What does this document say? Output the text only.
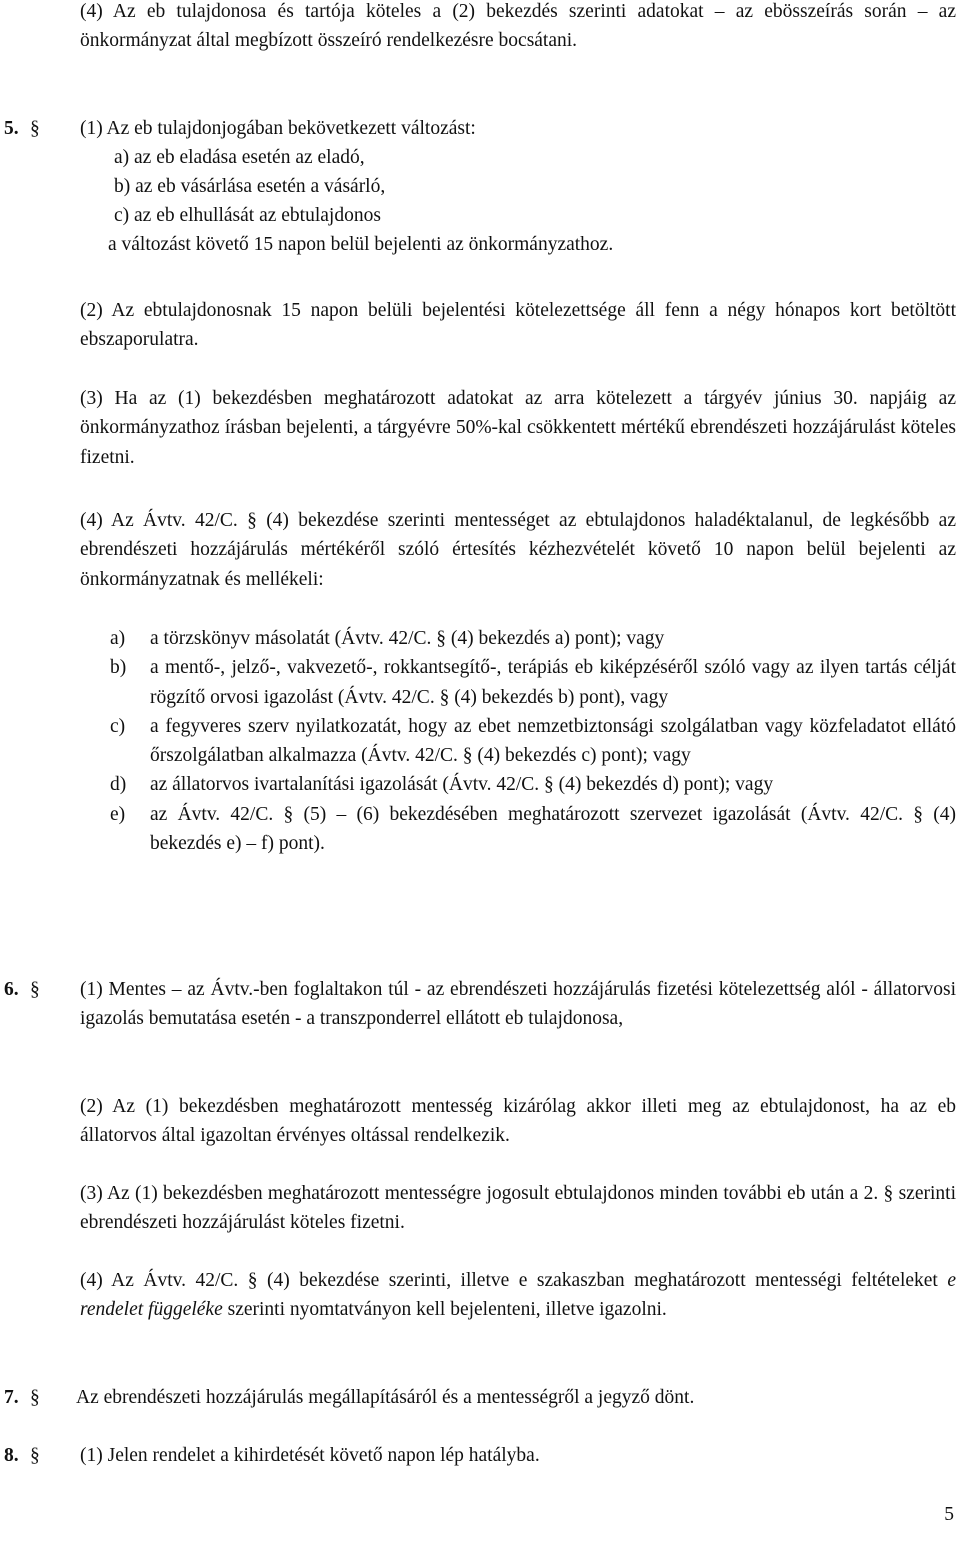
(4) Az eb tulajdonosa és tartója köteles a (2) bekezdés szerinti adatokat – az ebösszeírás során – az önkormányzat által megbízott összeíró rendelkezésre bocsátani.

5. § (1) Az eb tulajdonjogában bekövetkezett változást:
a) az eb eladása esetén az eladó,
b) az eb vásárlása esetén a vásárló,
c) az eb elhullását az ebtulajdonos
a változást követő 15 napon belül bejelenti az önkormányzathoz.

(2) Az ebtulajdonosnak 15 napon belüli bejelentési kötelezettsége áll fenn a négy hónapos kort betöltött ebszaporulatra.

(3) Ha az (1) bekezdésben meghatározott adatokat az arra kötelezett a tárgyév június 30. napjáig az önkormányzathoz írásban bejelenti, a tárgyévre 50%-kal csökkentett mértékű ebrendészeti hozzájárulást köteles fizetni.

(4) Az Ávtv. 42/C. § (4) bekezdése szerinti mentességet az ebtulajdonos haladéktalanul, de legkésőbb az ebrendészeti hozzájárulás mértékéről szóló értesítés kézhezvételét követő 10 napon belül bejelenti az önkormányzatnak és mellékeli:

a)	a törzskönyv másolatát (Ávtv. 42/C. § (4) bekezdés a) pont); vagy
b)	a mentő-, jelző-, vakvezető-, rokkantsegítő-, terápiás eb kiképzéséről szóló vagy az ilyen tartás célját rögzítő orvosi igazolást (Ávtv. 42/C. § (4) bekezdés b) pont), vagy
c)	a fegyveres szerv nyilatkozatát, hogy az ebet nemzetbiztonsági szolgálatban vagy közfeladatot ellátó őrszolgálatban alkalmazza (Ávtv. 42/C. § (4) bekezdés c) pont); vagy
d)	az állatorvos ivartalanítási igazolását (Ávtv. 42/C. § (4) bekezdés d) pont); vagy
e)	az Ávtv. 42/C. § (5) – (6) bekezdésében meghatározott szervezet igazolását (Ávtv. 42/C. § (4) bekezdés e) – f) pont).
6. § (1) Mentes – az Ávtv.-ben foglaltakon túl - az ebrendészeti hozzájárulás fizetési kötelezettség alól - állatorvosi igazolás bemutatása esetén - a transzponderrel ellátott eb tulajdonosa,

(2) Az (1) bekezdésben meghatározott mentesség kizárólag akkor illeti meg az ebtulajdonost, ha az eb állatorvos által igazoltan érvényes oltással rendelkezik.

(3) Az (1) bekezdésben meghatározott mentességre jogosult ebtulajdonos minden további eb után a 2. § szerinti ebrendészeti hozzájárulást köteles fizetni.

(4) Az Ávtv. 42/C. § (4) bekezdése szerinti, illetve e szakaszban meghatározott mentességi feltételeket e rendelet függeléke szerinti nyomtatványon kell bejelenteni, illetve igazolni.

7. § Az ebrendészeti hozzájárulás megállapításáról és a mentességről a jegyző dönt.
8. § (1) Jelen rendelet a kihirdetését követő napon lép hatályba.
5
